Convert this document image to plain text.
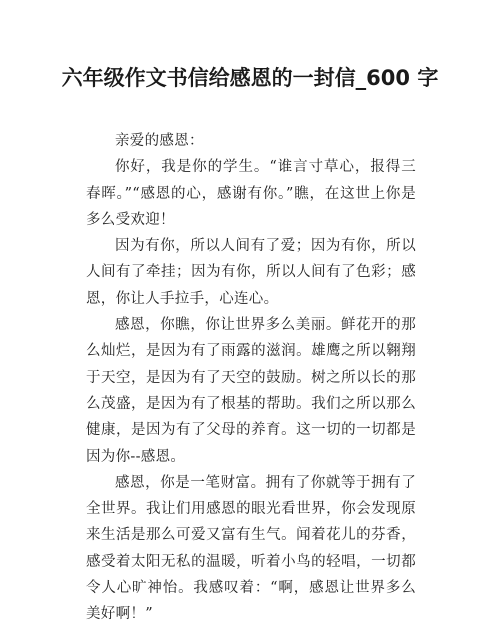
六年级作文书信给感恩的一封信_600 字

亲爱的感恩：

你好，我是你的学生。“谁言寸草心，报得三春晖。”“感恩的心，感谢有你。”瞧，在这世上你是多么受欢迎！

因为有你，所以人间有了爱；因为有你，所以人间有了牵挂；因为有你，所以人间有了色彩；感恩，你让人手拉手，心连心。

感恩，你瞧，你让世界多么美丽。鲜花开的那么灿烂，是因为有了雨露的滋润。雄鹰之所以翱翔于天空，是因为有了天空的鼓励。树之所以长的那么茂盛，是因为有了根基的帮助。我们之所以那么健康，是因为有了父母的养育。这一切的一切都是因为你--感恩。

感恩，你是一笔财富。拥有了你就等于拥有了全世界。我让们用感恩的眼光看世界，你会发现原来生活是那么可爱又富有生气。闻着花儿的芬香，感受着太阳无私的温暖，听着小鸟的轻唱，一切都令人心旷神怡。我感叹着：“啊，感恩让世界多么美好啊！”
